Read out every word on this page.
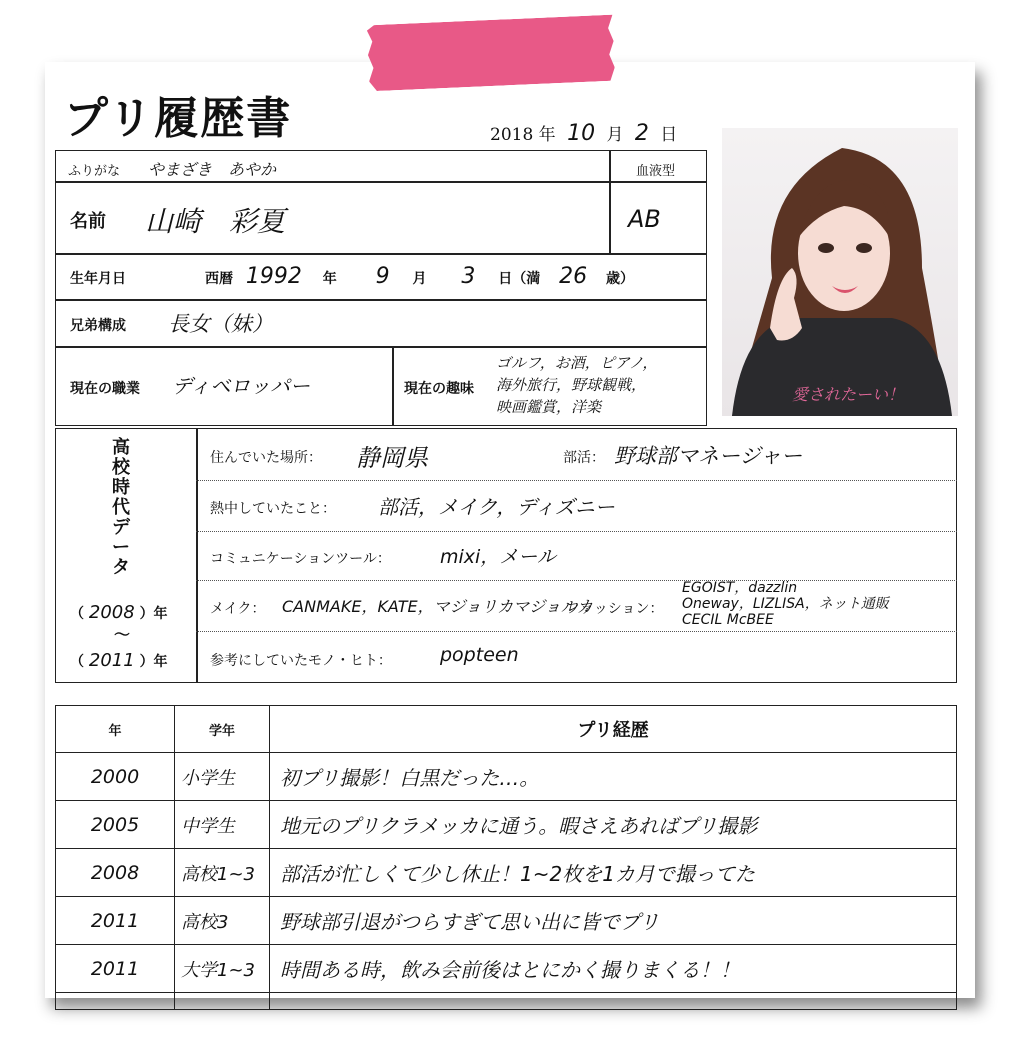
プリ履歴書	2018 年 10 月 2 日
ふりがな やまざき　あやか	血液型
名前 山崎　彩夏	AB
生年月日	西暦 1992 年 9 月 3 日（満 26 歳）
兄弟構成 長女（妹）
現在の職業 ディベロッパー	現在の趣味
ゴルフ，お酒，ピアノ，
海外旅行，野球観戦，
映画鑑賞，洋楽
愛されたーい！
高校時代データ
（ 2008 ）年
〜
（ 2011 ）年
住んでいた場所： 静岡県	部活： 野球部マネージャー
熱中していたこと： 部活，メイク，ディズニー
コミュニケーションツール：	mixi，メール
メイク： CANMAKE，KATE，マジョリカマジョルカ
ファッション：
EGOIST，dazzlin
Oneway，LIZLISA，ネット通販
CECIL McBEE
参考にしていたモノ・ヒト：	popteen
年	学年	プリ経歴
2000	小学生	初プリ撮影！白黒だった…。
2005	中学生	地元のプリクラメッカに通う。暇さえあればプリ撮影
2008	高校1~3	部活が忙しくて少し休止！1~2枚を1カ月で撮ってた
2011	高校3	野球部引退がつらすぎて思い出に皆でプリ
2011	大学1~3	時間ある時，飲み会前後はとにかく撮りまくる！！
